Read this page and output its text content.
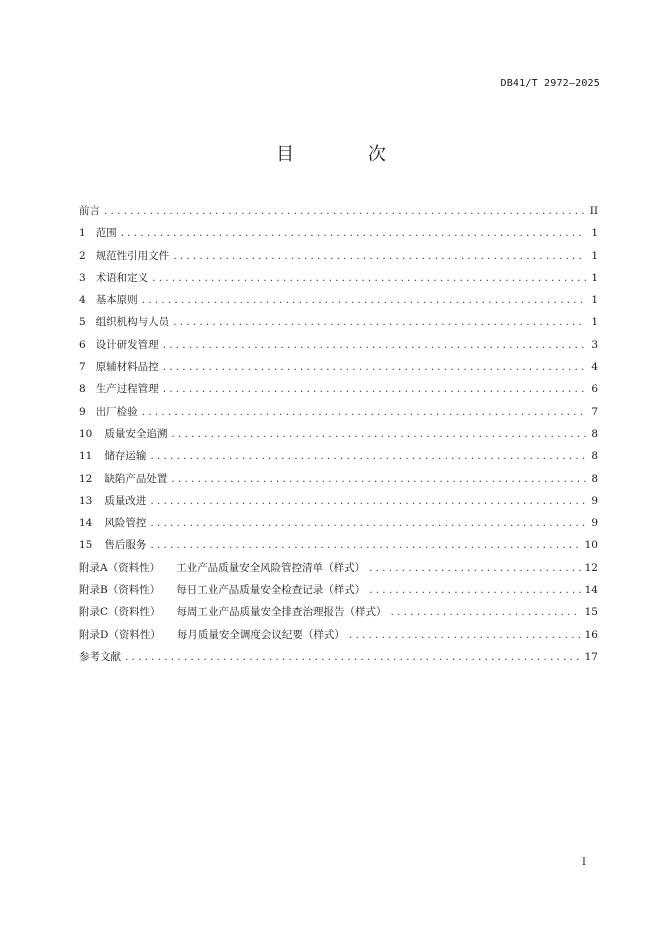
DB41/T 2972—2025
目 次
前言 .....	II
1 范围 .....	1
2 规范性引用文件 .....	1
3 术语和定义 .....	1
4 基本原则 .....	1
5 组织机构与人员 .....	1
6 设计研发管理 .....	3
7 原辅材料品控 .....	4
8 生产过程管理 .....	6
9 出厂检验 .....	7
10 质量安全追溯 .....	8
11 储存运输 .....	8
12 缺陷产品处置 .....	8
13 质量改进 .....	9
14 风险管控 .....	9
15 售后服务 .....	10
附录A（资料性） 工业产品质量安全风险管控清单（样式） .....	12
附录B（资料性） 每日工业产品质量安全检查记录（样式） .....	14
附录C（资料性） 每周工业产品质量安全排查治理报告（样式） .....	15
附录D（资料性） 每月质量安全调度会议纪要（样式） .....	16
参考文献 .....	17
I
